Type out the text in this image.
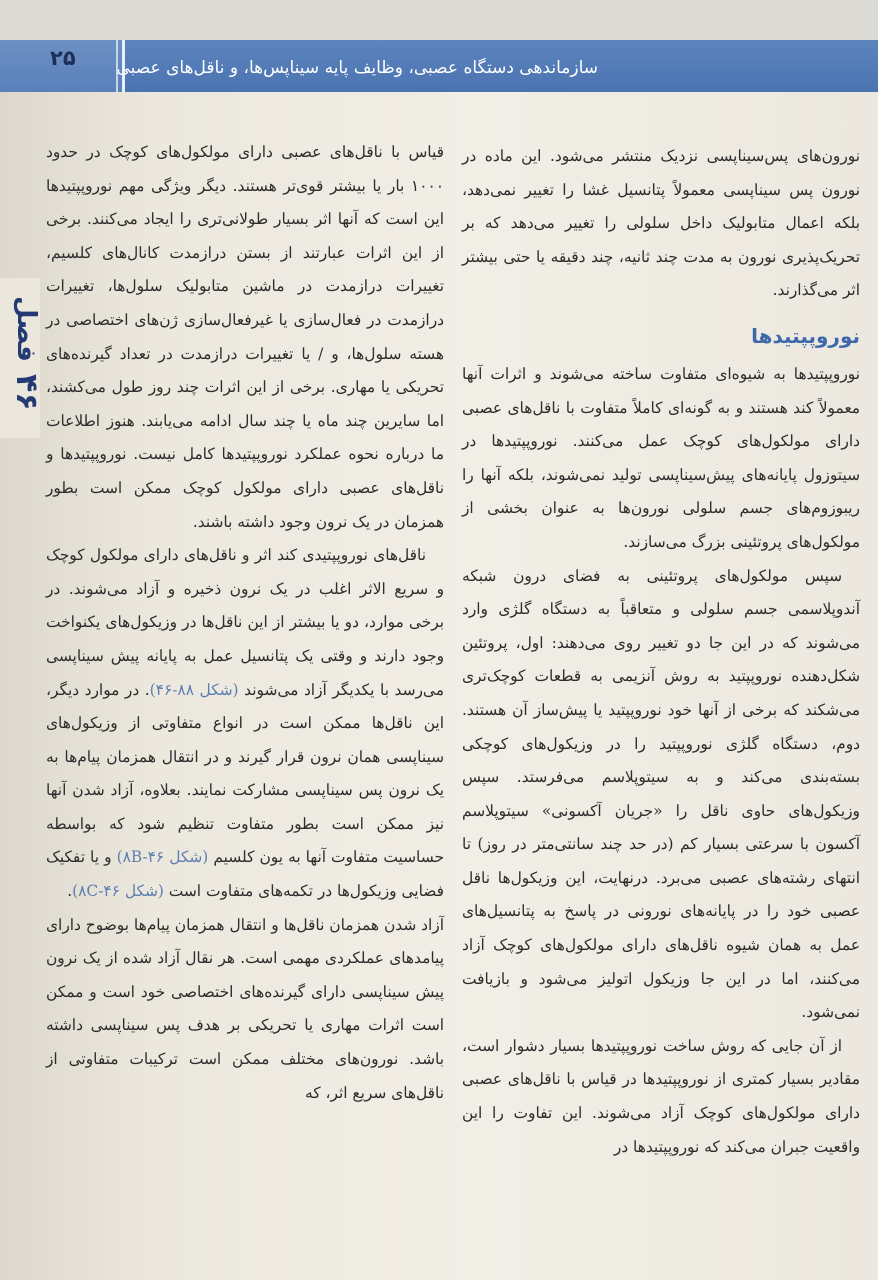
۲۵ سازماندهی دستگاه عصبی، وظایف پایه سیناپس‌ها، و ناقل‌های عصبی
فصل
۴۶

نورون‌های پس‌سیناپسی نزدیک منتشر می‌شود. این ماده در نورون پس سیناپسی معمولاً پتانسیل غشا را تغییر نمی‌دهد، بلکه اعمال متابولیک داخل سلولی را تغییر می‌دهد که بر تحریک‌پذیری نورون به مدت چند ثانیه، چند دقیقه یا حتی بیشتر اثر می‌گذارند.

نوروپپتیدها

نوروپپتیدها به شیوه‌ای متفاوت ساخته می‌شوند و اثرات آنها معمولاً کند هستند و به گونه‌ای کاملاً متفاوت با ناقل‌های عصبی دارای مولکول‌های کوچک عمل می‌کنند. نوروپپتیدها در سیتوزول پایانه‌های پیش‌سیناپسی تولید نمی‌شوند، بلکه آنها را ریبوزوم‌های جسم سلولی نورون‌ها به عنوان بخشی از مولکول‌های پروتئینی بزرگ می‌سازند.

سپس مولکول‌های پروتئینی به فضای درون شبکه آندوپلاسمی جسم سلولی و متعاقباً به دستگاه گلژی وارد می‌شوند که در این جا دو تغییر روی می‌دهند: اول، پروتئین شکل‌دهنده نوروپپتید به روش آنزیمی به قطعات کوچک‌تری می‌شکند که برخی از آنها خود نوروپپتید یا پیش‌ساز آن هستند. دوم، دستگاه گلژی نوروپپتید را در وزیکول‌های کوچکی بسته‌بندی می‌کند و به سیتوپلاسم می‌فرستد. سپس وزیکول‌های حاوی ناقل را «جریان آکسونی» سیتوپلاسم آکسون با سرعتی بسیار کم (در حد چند سانتی‌متر در روز) تا انتهای رشته‌های عصبی می‌برد. درنهایت، این وزیکول‌ها ناقل عصبی خود را در پایانه‌های نورونی در پاسخ به پتانسیل‌های عمل به همان شیوه ناقل‌های دارای مولکول‌های کوچک آزاد می‌کنند، اما در این جا وزیکول اتولیز می‌شود و بازیافت نمی‌شود.

از آن جایی که روش ساخت نوروپپتیدها بسیار دشوار است، مقادیر بسیار کمتری از نوروپپتیدها در قیاس با ناقل‌های عصبی دارای مولکول‌های کوچک آزاد می‌شوند. این تفاوت را این واقعیت جبران می‌کند که نوروپپتیدها در

قیاس با ناقل‌های عصبی دارای مولکول‌های کوچک در حدود ۱۰۰۰ بار یا بیشتر قوی‌تر هستند. دیگر ویژگی مهم نوروپپتیدها این است که آنها اثر بسیار طولانی‌تری را ایجاد می‌کنند. برخی از این اثرات عبارتند از بستن درازمدت کانال‌های کلسیم، تغییرات درازمدت در ماشین متابولیک سلول‌ها، تغییرات درازمدت در فعال‌سازی یا غیرفعال‌سازی ژن‌های اختصاصی در هسته سلول‌ها، و / یا تغییرات درازمدت در تعداد گیرنده‌های تحریکی یا مهاری. برخی از این اثرات چند روز طول می‌کشند، اما سایرین چند ماه یا چند سال ادامه می‌یابند. هنوز اطلاعات ما درباره نحوه عملکرد نوروپپتیدها کامل نیست. نوروپپتیدها و ناقل‌های عصبی دارای مولکول کوچک ممکن است بطور همزمان در یک نرون وجود داشته باشند.

ناقل‌های نوروپپتیدی کند اثر و ناقل‌های دارای مولکول کوچک و سریع الاثر اغلب در یک نرون ذخیره و آزاد می‌شوند. در برخی موارد، دو یا بیشتر از این ناقل‌ها در وزیکول‌های یکنواخت وجود دارند و وقتی یک پتانسیل عمل به پایانه پیش سیناپسی می‌رسد با یکدیگر آزاد می‌شوند (شکل ۸۸-۴۶). در موارد دیگر، این ناقل‌ها ممکن است در انواع متفاوتی از وزیکول‌های سیناپسی همان نرون قرار گیرند و در انتقال همزمان پیام‌ها به یک نرون پس سیناپسی مشارکت نمایند. بعلاوه، آزاد شدن آنها نیز ممکن است بطور متفاوت تنظیم شود که بواسطه حساسیت متفاوت آنها به یون کلسیم (شکل ۸B-۴۶) و یا تفکیک فضایی وزیکول‌ها در تکمه‌های متفاوت است (شکل ۸C-۴۶).

آزاد شدن همزمان ناقل‌ها و انتقال همزمان پیام‌ها بوضوح دارای پیامدهای عملکردی مهمی است. هر نقال آزاد شده از یک نرون پیش سیناپسی دارای گیرنده‌های اختصاصی خود است و ممکن است اثرات مهاری یا تحریکی بر هدف پس سیناپسی داشته باشد. نورون‌های مختلف ممکن است ترکیبات متفاوتی از ناقل‌های سریع اثر، که
